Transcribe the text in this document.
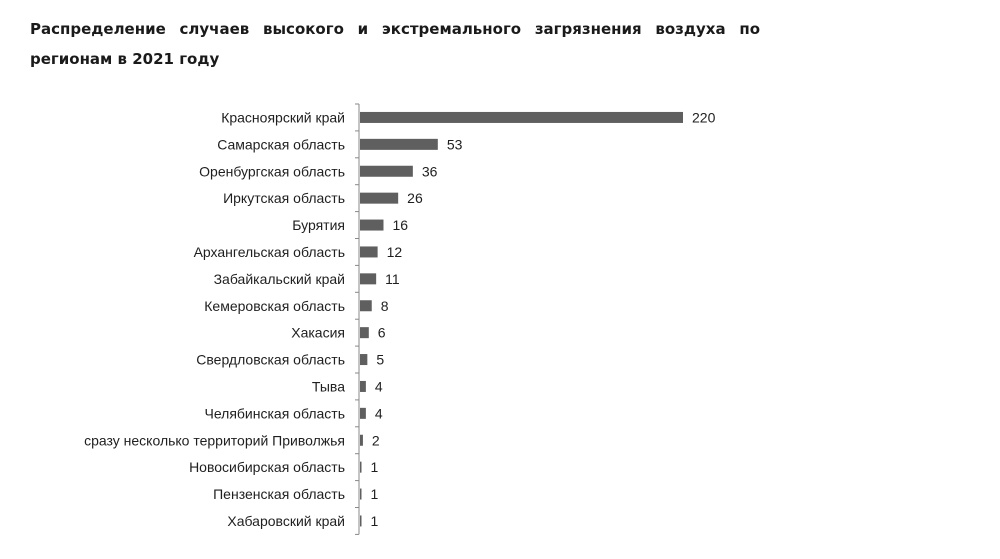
Распределение случаев высокого и экстремального загрязнения воздуха по регионам в 2021 году
Красноярский край	220
Самарская область	53
Оренбургская область	36
Иркутская область	26
Бурятия	16
Архангельская область	12
Забайкальский край	11
Кемеровская область	8
Хакасия 6
Свердловская область 5
Тыва 4
Челябинская область 4
сразу несколько территорий Приволжья 2
Новосибирская область 1
Пензенская область 1
Хабаровский край 1
